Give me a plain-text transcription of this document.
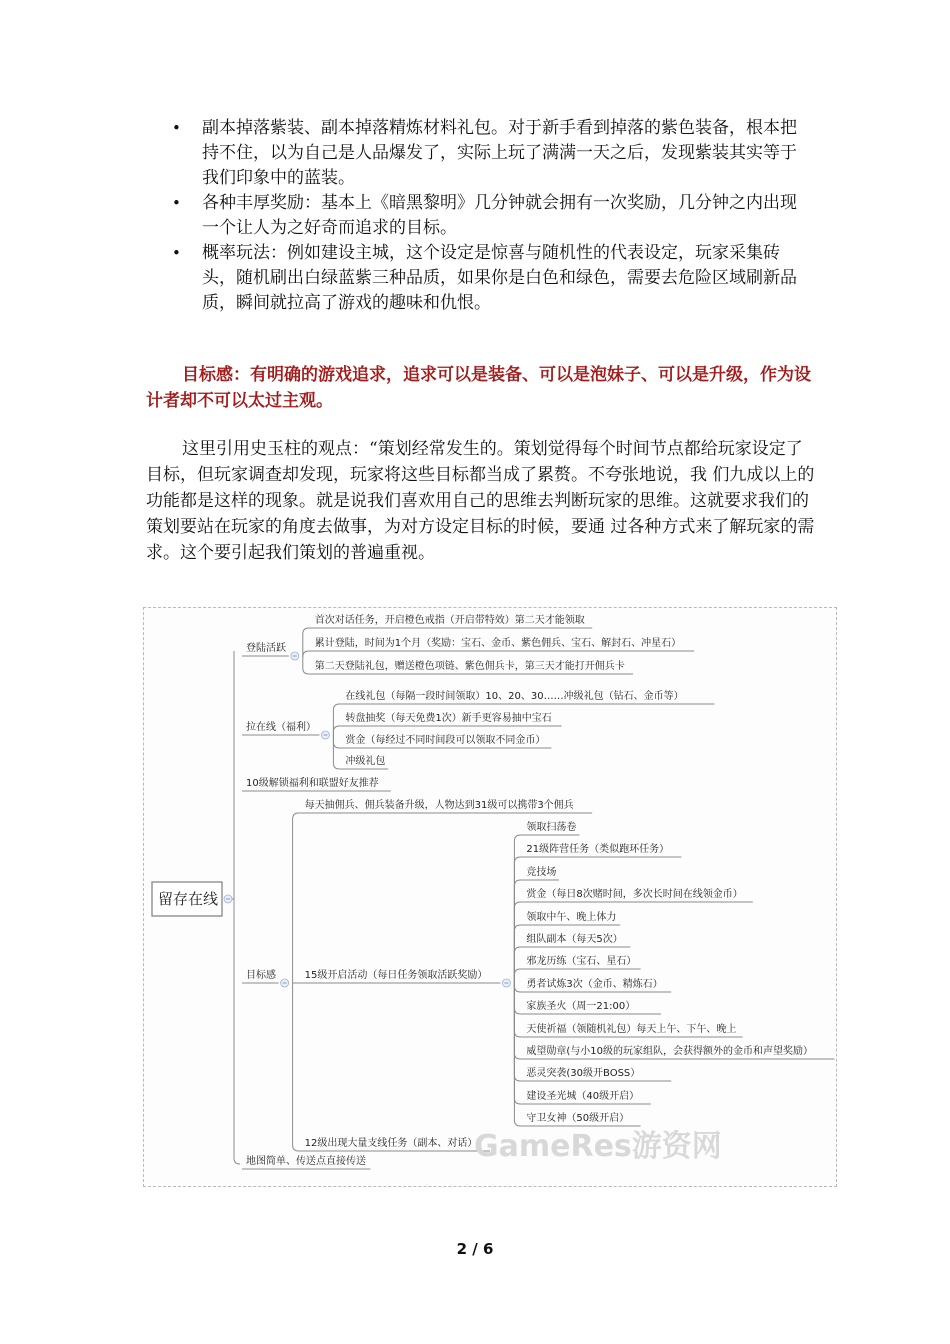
• 副本掉落紫装、副本掉落精炼材料礼包。对于新手看到掉落的紫色装备，根本把持不住，以为自己是人品爆发了，实际上玩了满满一天之后，发现紫装其实等于我们印象中的蓝装。
• 各种丰厚奖励：基本上《暗黑黎明》几分钟就会拥有一次奖励，几分钟之内出现一个让人为之好奇而追求的目标。
• 概率玩法：例如建设主城，这个设定是惊喜与随机性的代表设定，玩家采集砖头，随机刷出白绿蓝紫三种品质，如果你是白色和绿色，需要去危险区域刷新品质，瞬间就拉高了游戏的趣味和仇恨。
目标感：有明确的游戏追求，追求可以是装备、可以是泡妹子、可以是升级，作为设计者却不可以太过主观。
这里引用史玉柱的观点：“策划经常发生的。策划觉得每个时间节点都给玩家设定了目标，但玩家调查却发现，玩家将这些目标都当成了累赘。不夸张地说，我 们九成以上的功能都是这样的现象。就是说我们喜欢用自己的思维去判断玩家的思维。这就要求我们的策划要站在玩家的角度去做事，为对方设定目标的时候，要通 过各种方式来了解玩家的需求。这个要引起我们策划的普遍重视。
留存在线
登陆活跃
首次对话任务，开启橙色戒指（开启带特效）第二天才能领取
累计登陆，时间为1个月（奖励：宝石、金币、紫色佣兵、宝石、解封石、冲星石）
第二天登陆礼包，赠送橙色项链、紫色佣兵卡，第三天才能打开佣兵卡
拉在线（福利）
在线礼包（每隔一段时间领取）10、20、30……冲级礼包（钻石、金币等）
转盘抽奖（每天免费1次）新手更容易抽中宝石
赏金（每经过不同时间段可以领取不同金币）
冲级礼包
10级解锁福利和联盟好友推荐
目标感
每天抽佣兵、佣兵装备升级，人物达到31级可以携带3个佣兵
15级开启活动（每日任务领取活跃奖励）
领取扫荡卷
21级阵营任务（类似跑环任务）
竞技场
赏金（每日8次赌时间，多次长时间在线领金币）
领取中午、晚上体力
组队副本（每天5次）
邪龙历练（宝石、星石）
勇者试炼3次（金币、精炼石）
家族圣火（周一21:00）
天使祈福（领随机礼包）每天上午、下午、晚上
威望勋章(与小10级的玩家组队，会获得额外的金币和声望奖励）
恶灵突袭(30级开BOSS）
建设圣光城（40级开启）
守卫女神（50级开启）
12级出现大量支线任务（副本、对话）
地图简单、传送点直接传送	GameRes游资网
2 / 6
